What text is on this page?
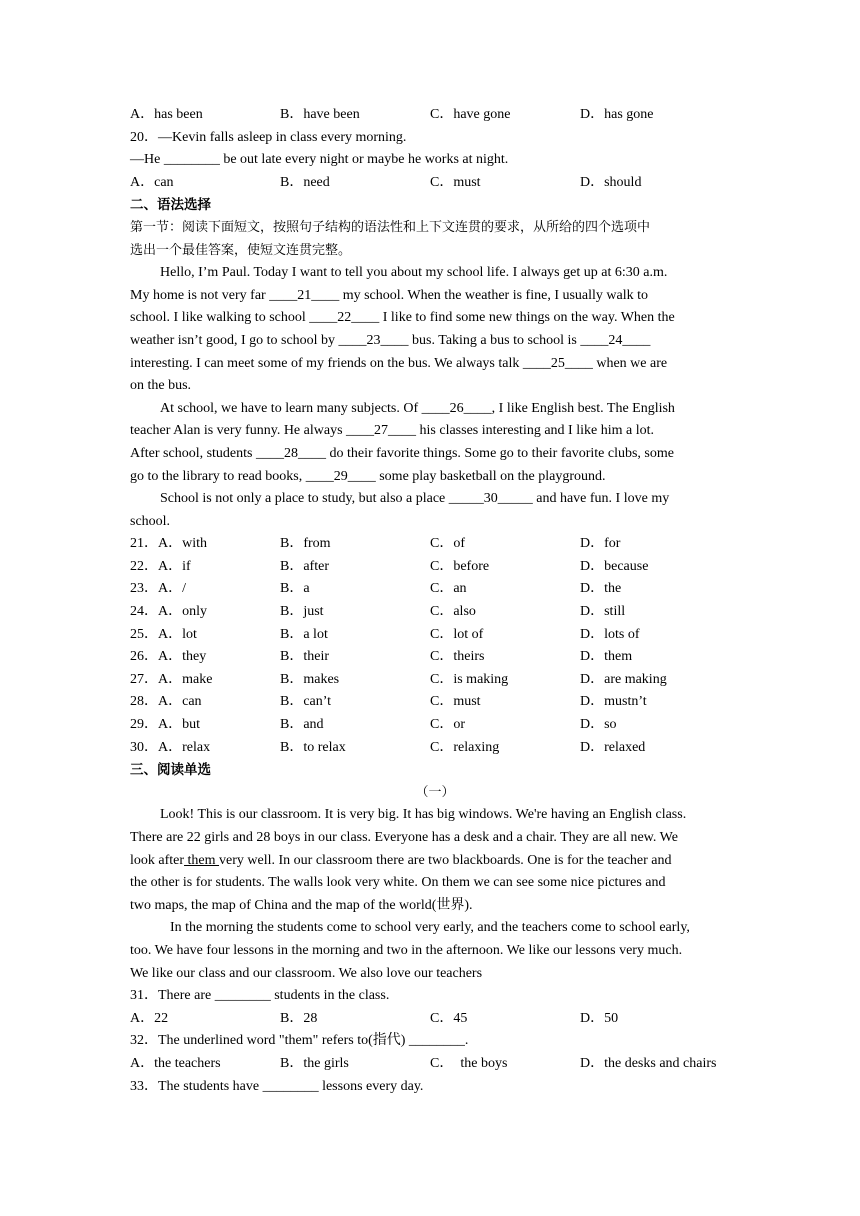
A．has been	B．have been	C．have gone	D．has gone
20．—Kevin falls asleep in class every morning.
—He ________ be out late every night or maybe he works at night.
A．can	B．need	C．must	D．should
二、语法选择
第一节：阅读下面短文，按照句子结构的语法性和上下文连贯的要求，从所给的四个选项中
选出一个最佳答案，使短文连贯完整。
Hello, I’m Paul. Today I want to tell you about my school life. I always get up at 6:30 a.m.
My home is not very far ____21____ my school. When the weather is fine, I usually walk to
school. I like walking to school ____22____ I like to find some new things on the way. When the
weather isn’t good, I go to school by ____23____ bus. Taking a bus to school is ____24____
interesting. I can meet some of my friends on the bus. We always talk ____25____ when we are
on the bus.
At school, we have to learn many subjects. Of ____26____, I like English best. The English
teacher Alan is very funny. He always ____27____ his classes interesting and I like him a lot.
After school, students ____28____ do their favorite things. Some go to their favorite clubs, some
go to the library to read books, ____29____ some play basketball on the playground.
School is not only a place to study, but also a place _____30_____ and have fun. I love my
school.
21．A．with	B．from	C．of	D．for
22．A．if	B．after	C．before	D．because
23．A．/	B．a	C．an	D．the
24．A．only	B．just	C．also	D．still
25．A．lot	B．a lot	C．lot of	D．lots of
26．A．they	B．their	C．theirs	D．them
27．A．make	B．makes	C．is making	D．are making
28．A．can	B．can’t	C．must	D．mustn’t
29．A．but	B．and	C．or	D．so
30．A．relax	B．to relax	C．relaxing	D．relaxed
三、阅读单选
（一）
Look! This is our classroom. It is very big. It has big windows. We're having an English class.
There are 22 girls and 28 boys in our class. Everyone has a desk and a chair. They are all new. We
look after them very well. In our classroom there are two blackboards. One is for the teacher and
the other is for students. The walls look very white. On them we can see some nice pictures and
two maps, the map of China and the map of the world(世界).
In the morning the students come to school very early, and the teachers come to school early,
too. We have four lessons in the morning and two in the afternoon. We like our lessons very much.
We like our class and our classroom. We also love our teachers
31．There are ________ students in the class.
A．22	B．28	C．45	D．50
32．The underlined word "them" refers to(指代) ________.
A．the teachers	B．the girls	C．  the boys	D．the desks and chairs
33．The students have ________ lessons every day.
